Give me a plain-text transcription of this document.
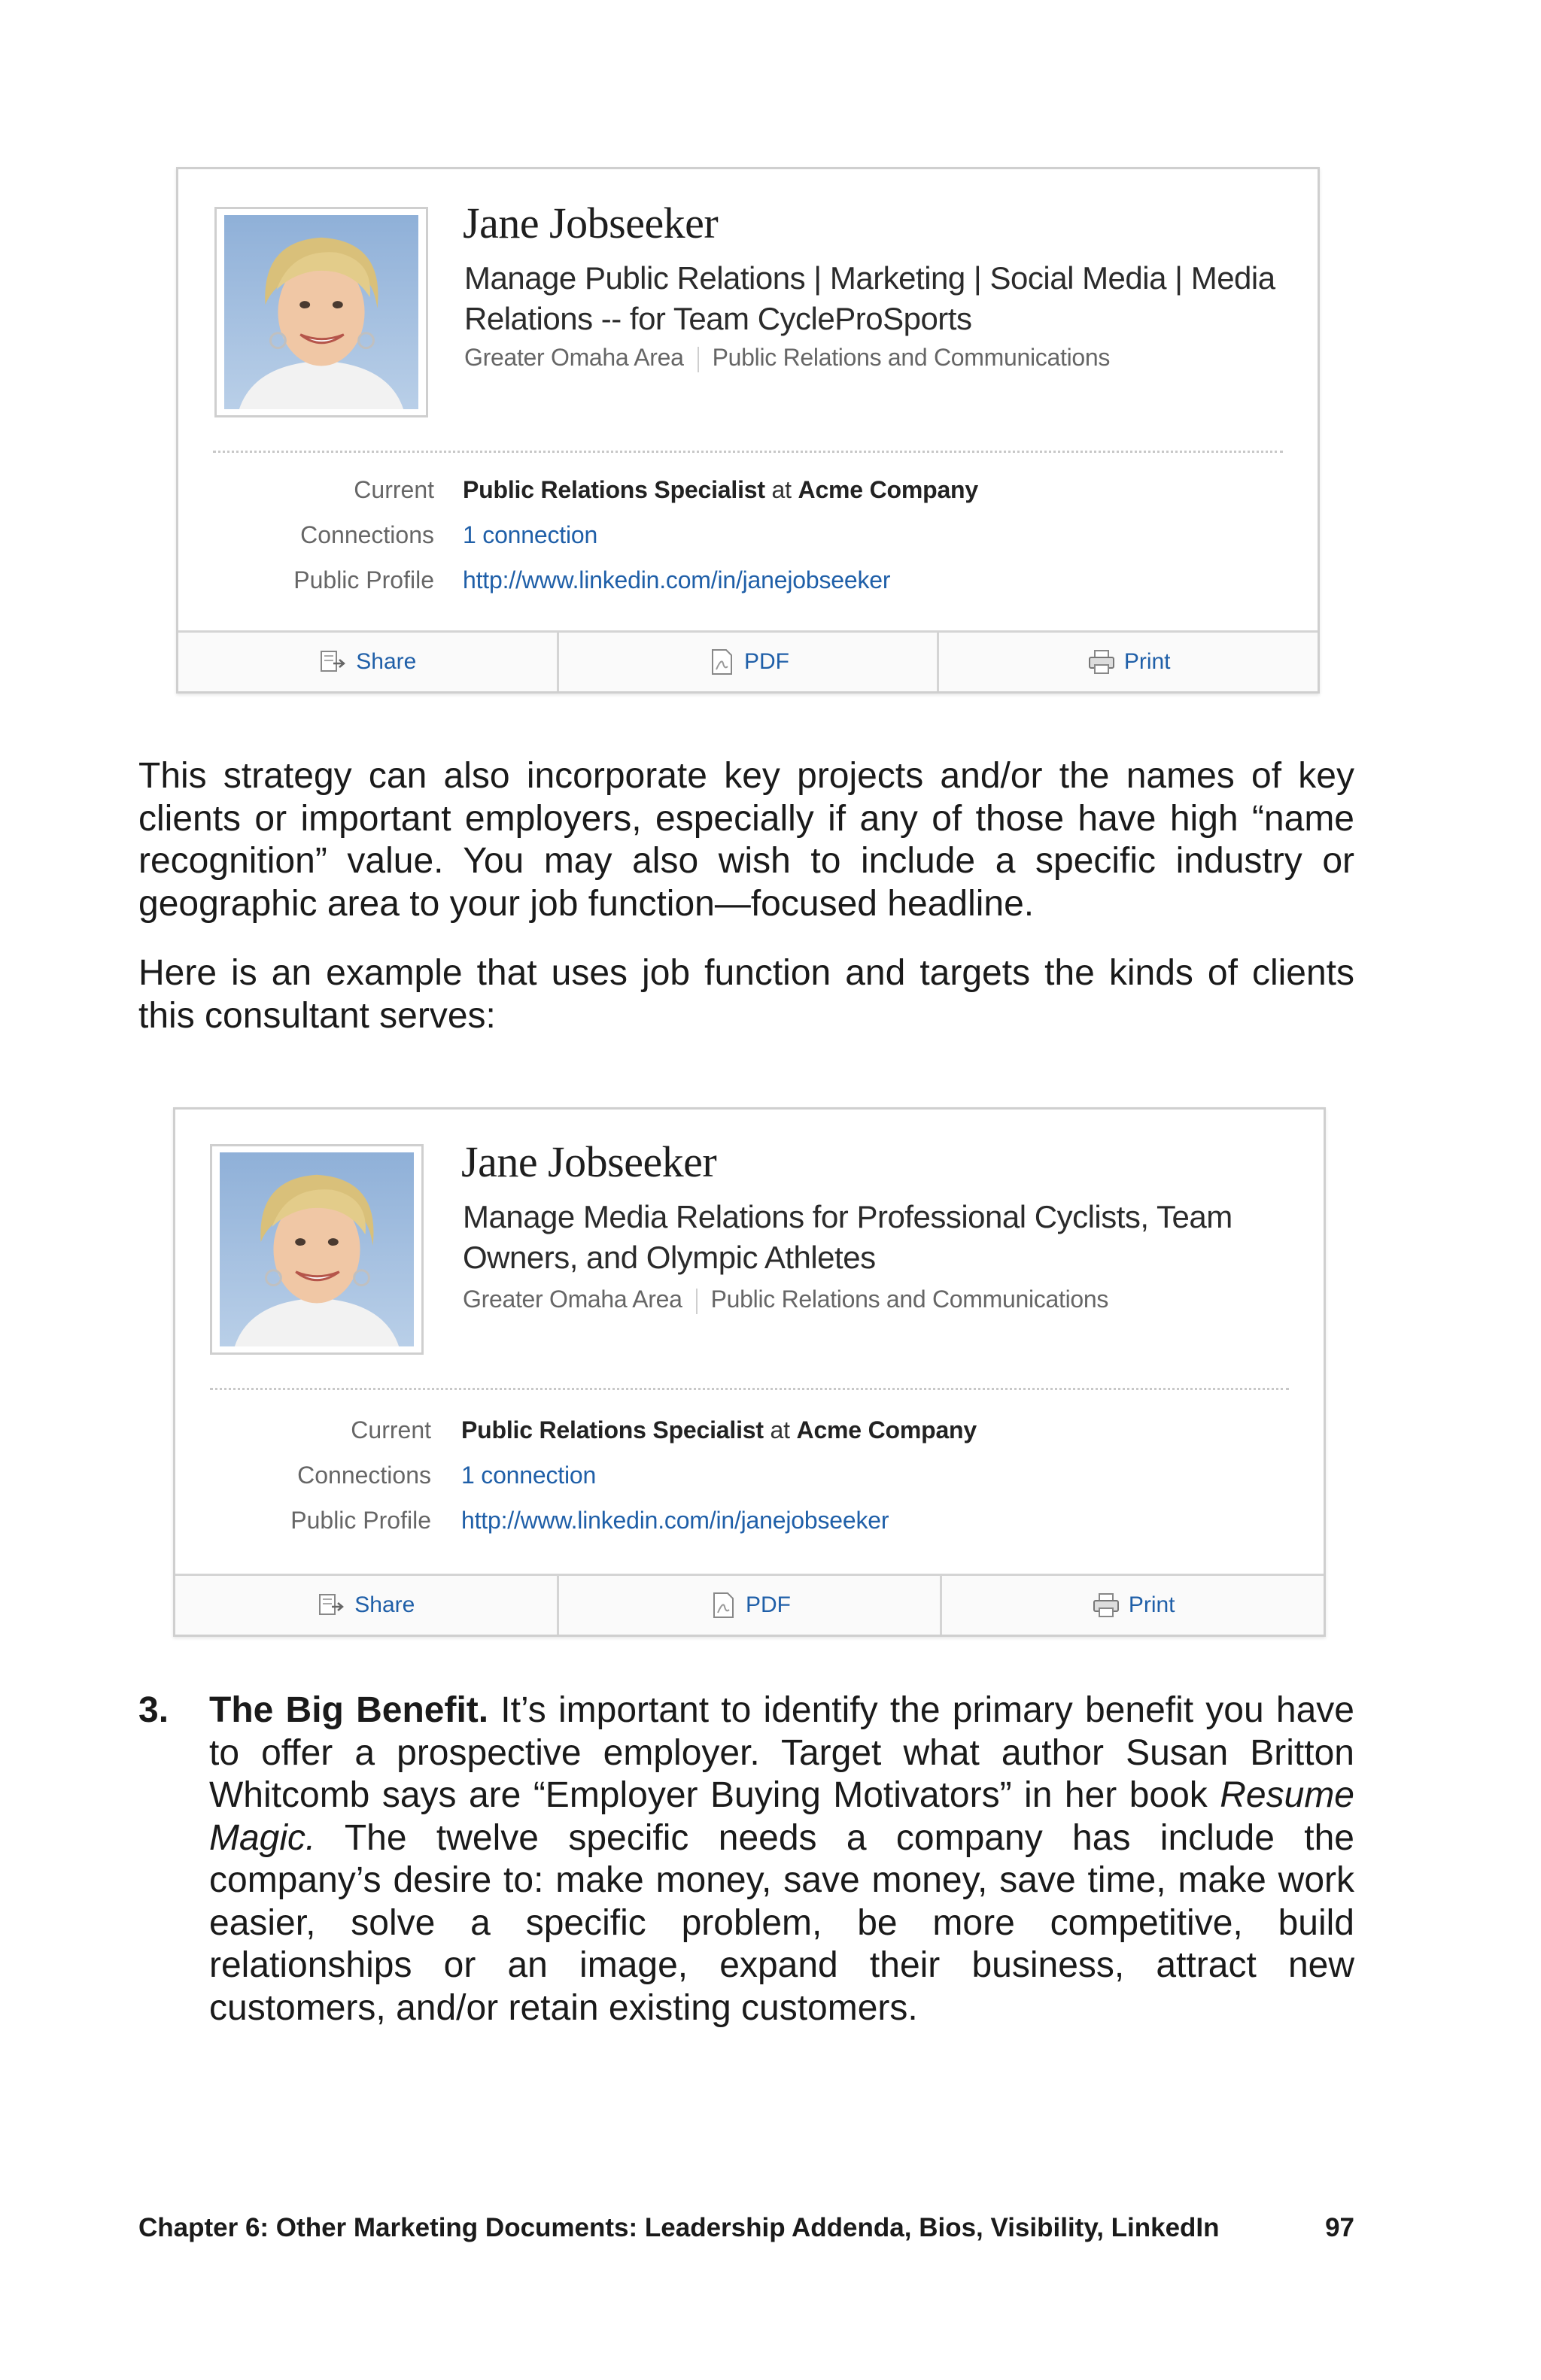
Jane Jobseeker
Manage Public Relations | Marketing | Social Media | Media Relations -- for Team CycleProSports
Greater Omaha Area Public Relations and Communications
Current Public Relations Specialist at Acme Company
Connections 1 connection
Public Profile http://www.linkedin.com/in/janejobseeker
Share	PDF	Print

This strategy can also incorporate key projects and/or the names of key clients or important employers, especially if any of those have high “name recognition” value. You may also wish to include a specific industry or geographic area to your job function—focused headline.

Here is an example that uses job function and targets the kinds of clients this consultant serves:

Jane Jobseeker
Manage Media Relations for Professional Cyclists, Team Owners, and Olympic Athletes
Greater Omaha Area Public Relations and Communications
Current Public Relations Specialist at Acme Company
Connections 1 connection
Public Profile http://www.linkedin.com/in/janejobseeker
Share	PDF	Print
3. The Big Benefit. It’s important to identify the primary benefit you have to offer a prospective employer. Target what author Susan Britton Whitcomb says are “Employer Buying Motivators” in her book Resume Magic. The twelve specific needs a company has include the company’s desire to: make money, save money, save time, make work easier, solve a specific problem, be more competitive, build relationships or an image, expand their business, attract new customers, and/or retain existing customers.

Chapter 6: Other Marketing Documents: Leadership Addenda, Bios, Visibility, LinkedIn	97
